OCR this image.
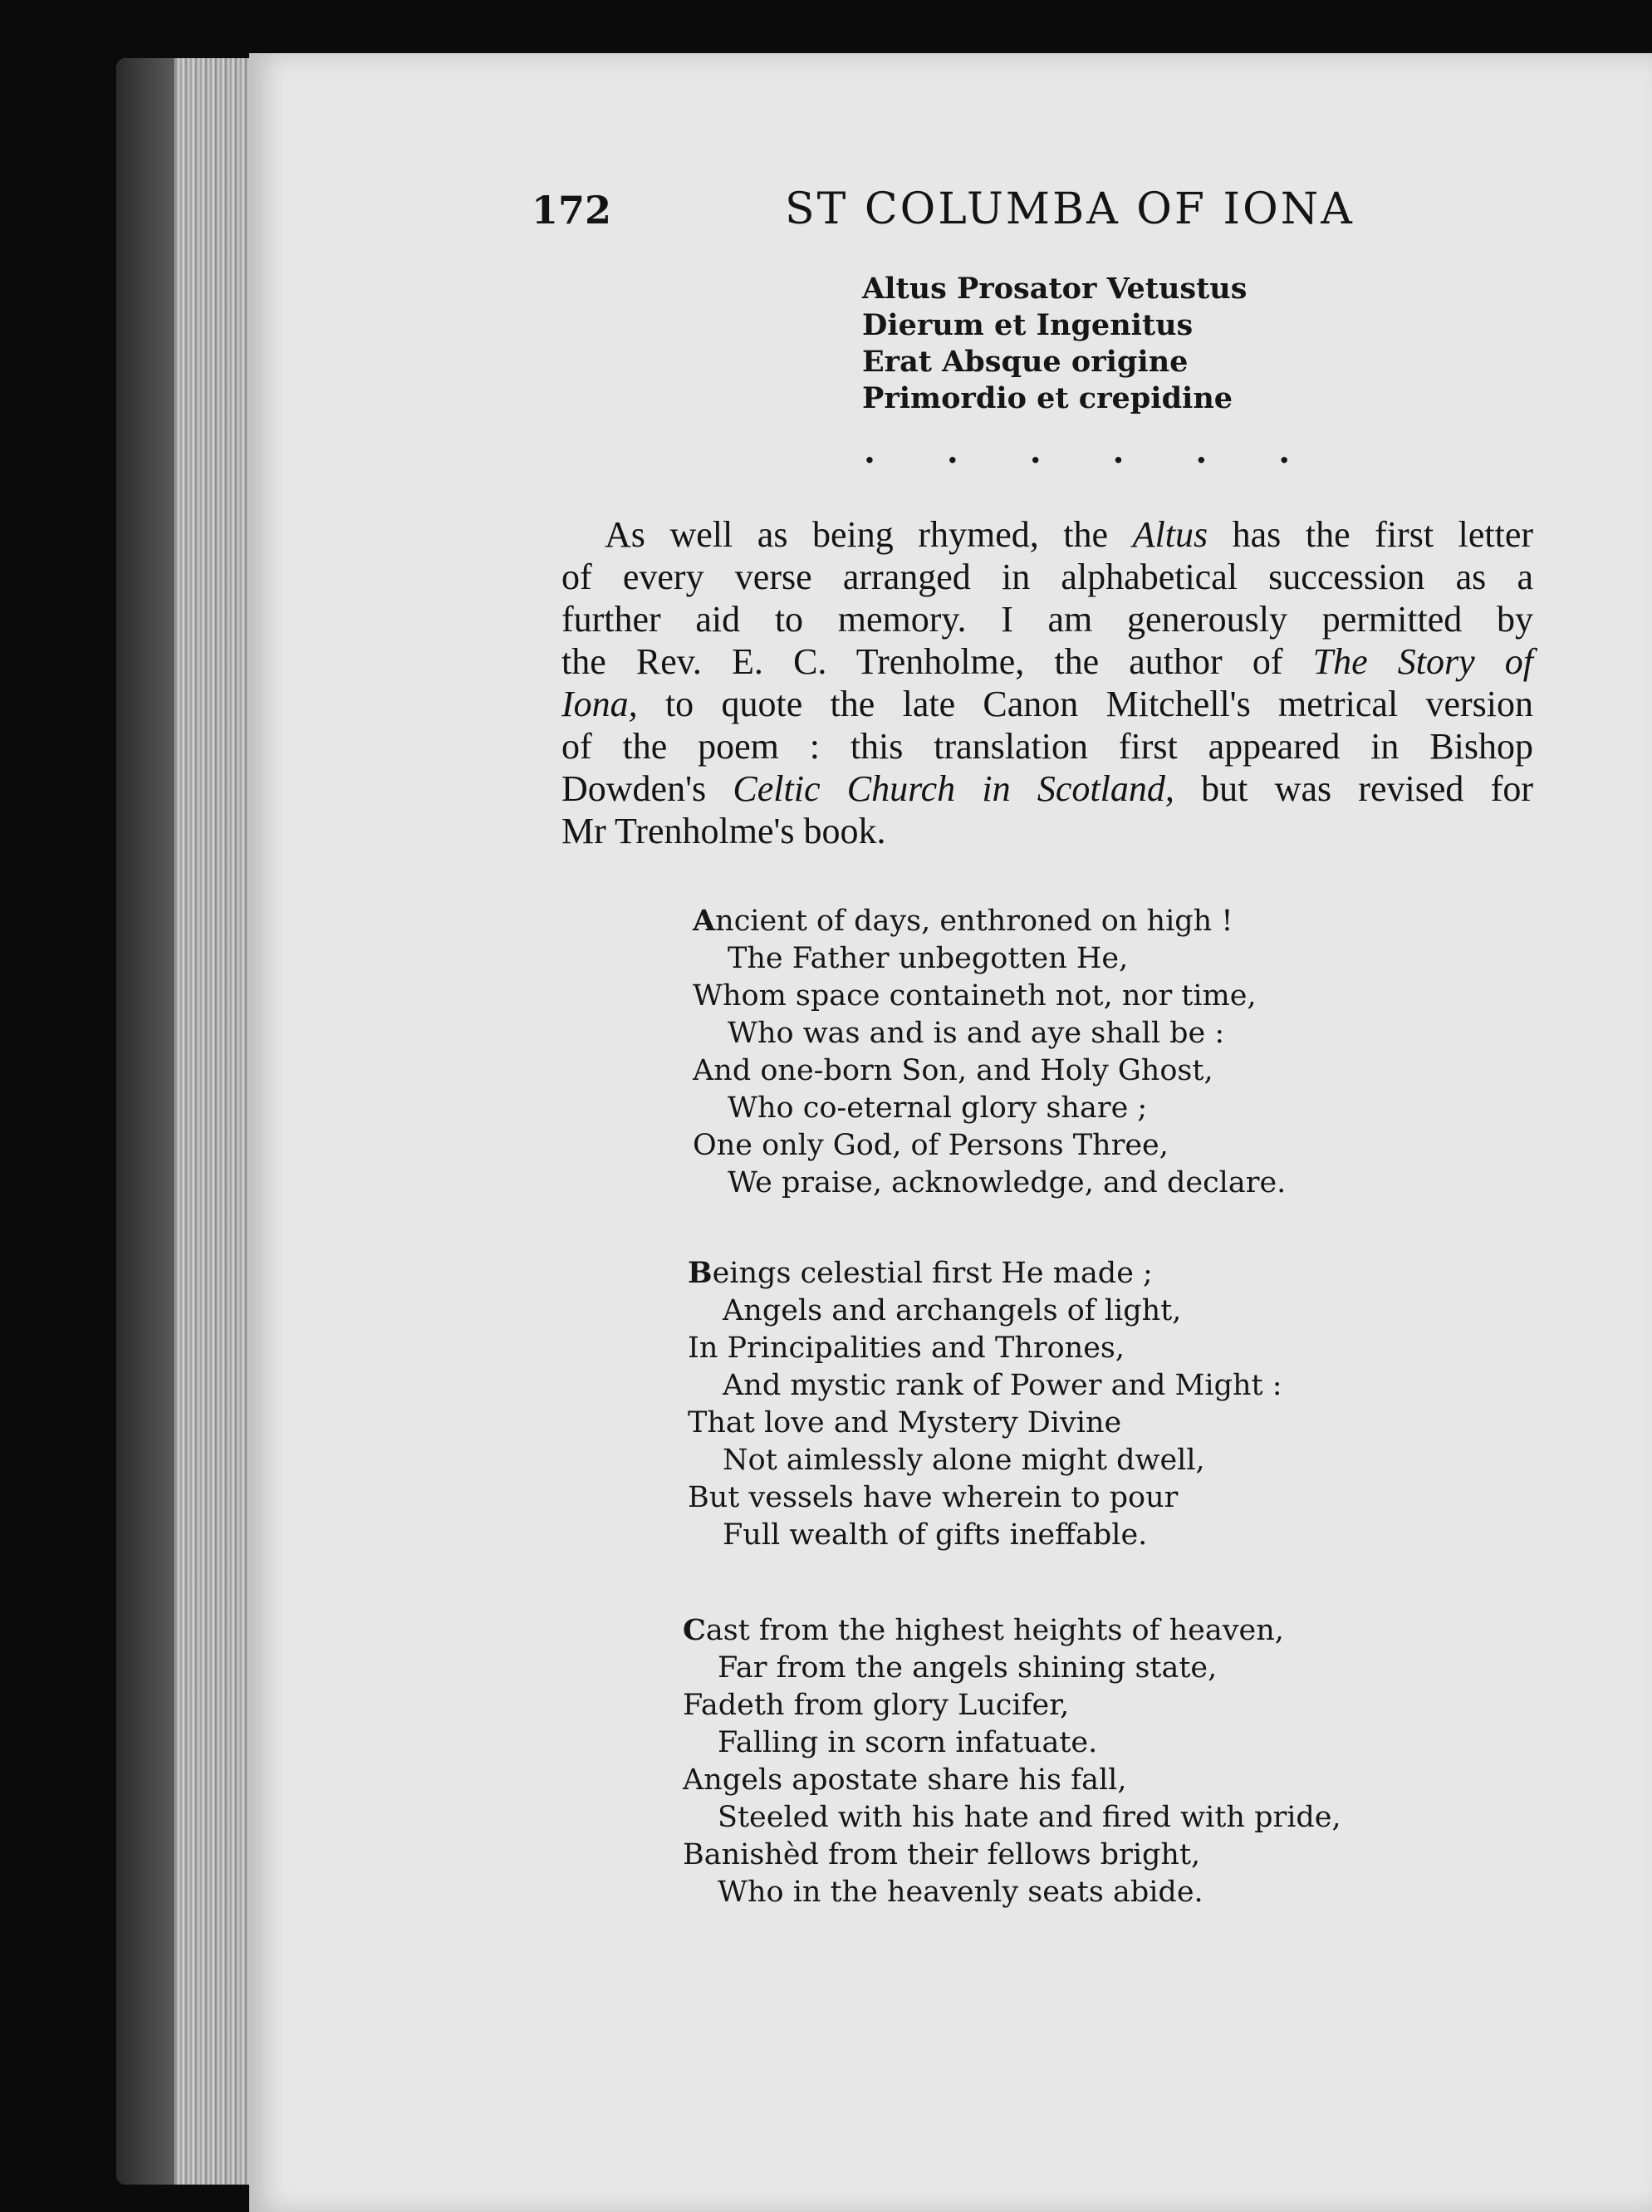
172	ST COLUMBA OF IONA
Altus Prosator Vetustus
Dierum et Ingenitus
Erat Absque origine
Primordio et crepidine
. . . . . .
As well as being rhymed, the Altus has the first letter
of every verse arranged in alphabetical succession as a
further aid to memory. I am generously permitted by
the Rev. E. C. Trenholme, the author of The Story of
Iona, to quote the late Canon Mitchell's metrical version
of the poem : this translation first appeared in Bishop
Dowden's Celtic Church in Scotland, but was revised for
Mr Trenholme's book.
Ancient of days, enthroned on high !
The Father unbegotten He,
Whom space containeth not, nor time,
Who was and is and aye shall be :
And one-born Son, and Holy Ghost,
Who co-eternal glory share ;
One only God, of Persons Three,
We praise, acknowledge, and declare.
Beings celestial first He made ;
Angels and archangels of light,
In Principalities and Thrones,
And mystic rank of Power and Might :
That love and Mystery Divine
Not aimlessly alone might dwell,
But vessels have wherein to pour
Full wealth of gifts ineffable.
Cast from the highest heights of heaven,
Far from the angels shining state,
Fadeth from glory Lucifer,
Falling in scorn infatuate.
Angels apostate share his fall,
Steeled with his hate and fired with pride,
Banishèd from their fellows bright,
Who in the heavenly seats abide.
